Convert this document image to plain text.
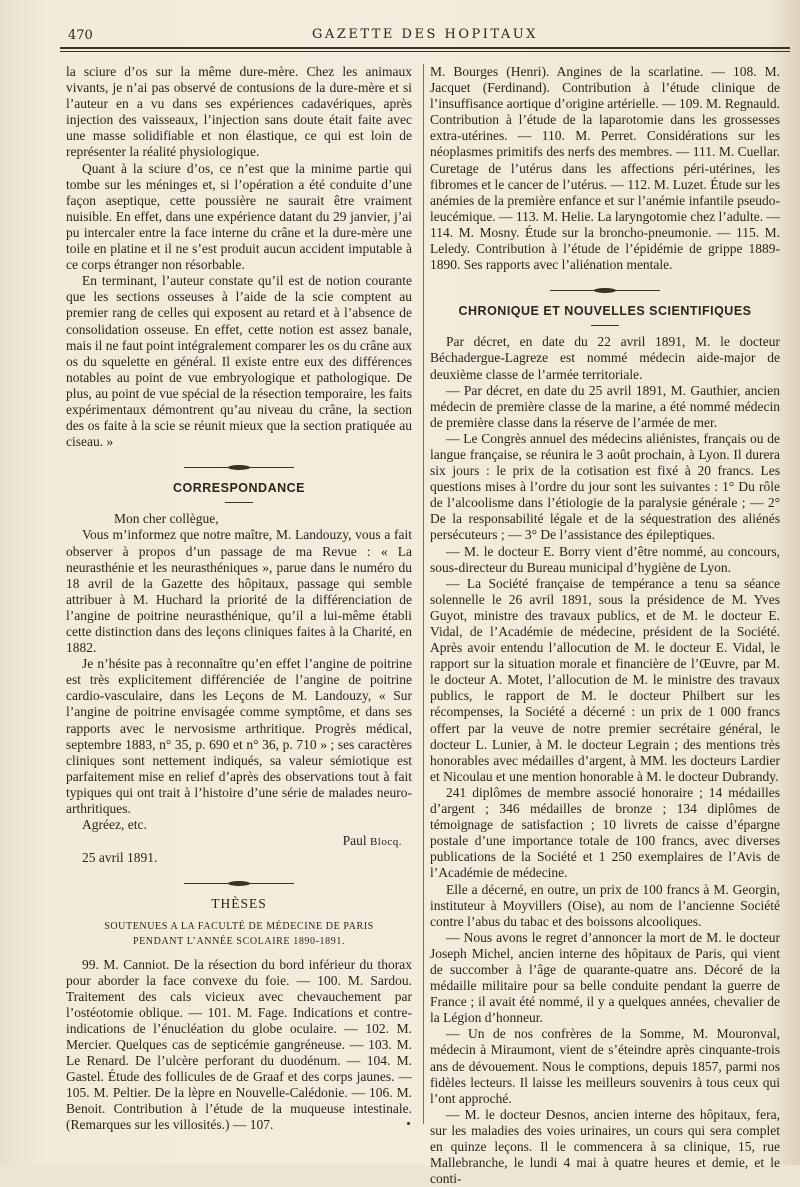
470	GAZETTE DES HOPITAUX

la sciure d’os sur la même dure-mère. Chez les animaux vivants, je n’ai pas observé de contusions de la dure-mère et si l’auteur en a vu dans ses expériences cadavériques, après injection des vaisseaux, l’injection sans doute était faite avec une masse solidifiable et non élastique, ce qui est loin de représenter la réalité physiologique.

Quant à la sciure d’os, ce n’est que la minime partie qui tombe sur les méninges et, si l’opération a été conduite d’une façon aseptique, cette poussière ne saurait être vraiment nuisible. En effet, dans une expérience datant du 29 janvier, j’ai pu intercaler entre la face interne du crâne et la dure-mère une toile en platine et il ne s’est produit aucun accident imputable à ce corps étranger non résorbable.

En terminant, l’auteur constate qu’il est de notion courante que les sections osseuses à l’aide de la scie comptent au premier rang de celles qui exposent au retard et à l’absence de consolidation osseuse. En effet, cette notion est assez banale, mais il ne faut point intégralement comparer les os du crâne aux os du squelette en général. Il existe entre eux des différences notables au point de vue embryologique et pathologique. De plus, au point de vue spécial de la résection temporaire, les faits expérimentaux démontrent qu’au niveau du crâne, la section des os faite à la scie se réunit mieux que la section pratiquée au ciseau. »

CORRESPONDANCE

Mon cher collègue,

Vous m’informez que notre maître, M. Landouzy, vous a fait observer à propos d’un passage de ma Revue : « La neurasthénie et les neurasthéniques », parue dans le numéro du 18 avril de la Gazette des hôpitaux, passage qui semble attribuer à M. Huchard la priorité de la différenciation de l’angine de poitrine neurasthénique, qu’il a lui-même établi cette distinction dans des leçons cliniques faites à la Charité, en 1882.

Je n’hésite pas à reconnaître qu’en effet l’angine de poitrine est très explicitement différenciée de l’angine de poitrine cardio-vasculaire, dans les Leçons de M. Landouzy, « Sur l’angine de poitrine envisagée comme symptôme, et dans ses rapports avec le nervosisme arthritique. Progrès médical, septembre 1883, n° 35, p. 690 et n° 36, p. 710 » ; ses caractères cliniques sont nettement indiqués, sa valeur sémiotique est parfaitement mise en relief d’après des observations tout à fait typiques qui ont trait à l’histoire d’une série de malades neuro-arthritiques.

Agréez, etc.

Paul Blocq.

25 avril 1891.

THÈSES
SOUTENUES A LA FACULTÉ DE MÉDECINE DE PARIS
PENDANT L’ANNÉE SCOLAIRE 1890-1891.

99. M. Canniot. De la résection du bord inférieur du thorax pour aborder la face convexe du foie. — 100. M. Sardou. Traitement des cals vicieux avec chevauchement par l’ostéotomie oblique. — 101. M. Fage. Indications et contre-indications de l’énucléation du globe oculaire. — 102. M. Mercier. Quelques cas de septicémie gangréneuse. — 103. M. Le Renard. De l’ulcère perforant du duodénum. — 104. M. Gastel. Étude des follicules de de Graaf et des corps jaunes. — 105. M. Peltier. De la lèpre en Nouvelle-Calédonie. — 106. M. Benoit. Contribution à l’étude de la muqueuse intestinale. (Remarques sur les villosités.) — 107.

M. Bourges (Henri). Angines de la scarlatine. — 108. M. Jacquet (Ferdinand). Contribution à l’étude clinique de l’insuffisance aortique d’origine artérielle. — 109. M. Regnauld. Contribution à l’étude de la laparotomie dans les grossesses extra-utérines. — 110. M. Perret. Considérations sur les néoplasmes primitifs des nerfs des membres. — 111. M. Cuellar. Curetage de l’utérus dans les affections péri-utérines, les fibromes et le cancer de l’utérus. — 112. M. Luzet. Étude sur les anémies de la première enfance et sur l’anémie infantile pseudo-leucémique. — 113. M. Helie. La laryngotomie chez l’adulte. — 114. M. Mosny. Étude sur la broncho-pneumonie. — 115. M. Leledy. Contribution à l’étude de l’épidémie de grippe 1889-1890. Ses rapports avec l’aliénation mentale.

CHRONIQUE ET NOUVELLES SCIENTIFIQUES

Par décret, en date du 22 avril 1891, M. le docteur Béchadergue-Lagreze est nommé médecin aide-major de deuxième classe de l’armée territoriale.

— Par décret, en date du 25 avril 1891, M. Gauthier, ancien médecin de première classe de la marine, a été nommé médecin de première classe dans la réserve de l’armée de mer.

— Le Congrès annuel des médecins aliénistes, français ou de langue française, se réunira le 3 août prochain, à Lyon. Il durera six jours : le prix de la cotisation est fixé à 20 francs. Les questions mises à l’ordre du jour sont les suivantes : 1° Du rôle de l’alcoolisme dans l’étiologie de la paralysie générale ; — 2° De la responsabilité légale et de la séquestration des aliénés persécuteurs ; — 3° De l’assistance des épileptiques.

— M. le docteur E. Borry vient d’être nommé, au concours, sous-directeur du Bureau municipal d’hygiène de Lyon.

— La Société française de tempérance a tenu sa séance solennelle le 26 avril 1891, sous la présidence de M. Yves Guyot, ministre des travaux publics, et de M. le docteur E. Vidal, de l’Académie de médecine, président de la Société. Après avoir entendu l’allocution de M. le docteur E. Vidal, le rapport sur la situation morale et financière de l’Œuvre, par M. le docteur A. Motet, l’allocution de M. le ministre des travaux publics, le rapport de M. le docteur Philbert sur les récompenses, la Société a décerné : un prix de 1 000 francs offert par la veuve de notre premier secrétaire général, le docteur L. Lunier, à M. le docteur Legrain ; des mentions très honorables avec médailles d’argent, à MM. les docteurs Lardier et Nicoulau et une mention honorable à M. le docteur Dubrandy.

241 diplômes de membre associé honoraire ; 14 médailles d’argent ; 346 médailles de bronze ; 134 diplômes de témoignage de satisfaction ; 10 livrets de caisse d’épargne postale d’une importance totale de 100 francs, avec diverses publications de la Société et 1 250 exemplaires de l’Avis de l’Académie de médecine.

Elle a décerné, en outre, un prix de 100 francs à M. Georgin, instituteur à Moyvillers (Oise), au nom de l’ancienne Société contre l’abus du tabac et des boissons alcooliques.

— Nous avons le regret d’annoncer la mort de M. le docteur Joseph Michel, ancien interne des hôpitaux de Paris, qui vient de succomber à l’âge de quarante-quatre ans. Décoré de la médaille militaire pour sa belle conduite pendant la guerre de France ; il avait été nommé, il y a quelques années, chevalier de la Légion d’honneur.

— Un de nos confrères de la Somme, M. Mouronval, médecin à Miraumont, vient de s’éteindre après cinquante-trois ans de dévouement. Nous le comptions, depuis 1857, parmi nos fidèles lecteurs. Il laisse les meilleurs souvenirs à tous ceux qui l’ont approché.

— M. le docteur Desnos, ancien interne des hôpitaux, fera, sur les maladies des voies urinaires, un cours qui sera complet en quinze leçons. Il le commencera à sa clinique, 15, rue Mallebranche, le lundi 4 mai à quatre heures et demie, et le conti-
